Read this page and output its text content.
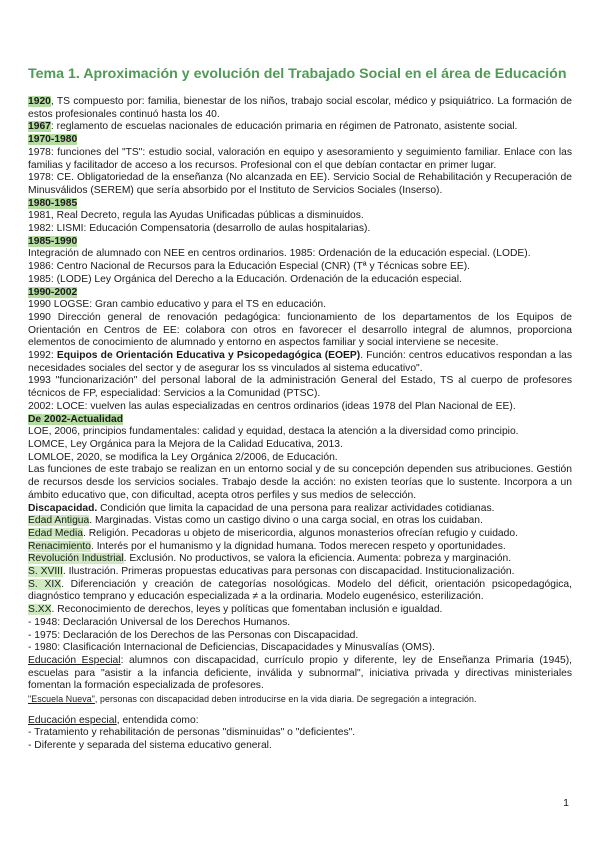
Tema 1. Aproximación y evolución del Trabajado Social en el área de Educación

1920, TS compuesto por: familia, bienestar de los niños, trabajo social escolar, médico y psiquiátrico. La formación de estos profesionales continuó hasta los 40.

1967: reglamento de escuelas nacionales de educación primaria en régimen de Patronato, asistente social.

1970-1980

1978: funciones del "TS": estudio social, valoración en equipo y asesoramiento y seguimiento familiar. Enlace con las familias y facilitador de acceso a los recursos. Profesional con el que debían contactar en primer lugar.

1978: CE. Obligatoriedad de la enseñanza (No alcanzada en EE). Servicio Social de Rehabilitación y Recuperación de Minusválidos (SEREM) que sería absorbido por el Instituto de Servicios Sociales (Inserso).

1980-1985

1981, Real Decreto, regula las Ayudas Unificadas públicas a disminuidos.

1982: LISMI: Educación Compensatoria (desarrollo de aulas hospitalarias).

1985-1990

Integración de alumnado con NEE en centros ordinarios. 1985: Ordenación de la educación especial. (LODE).

1986: Centro Nacional de Recursos para la Educación Especial (CNR) (Tª y Técnicas sobre EE).

1985: (LODE) Ley Orgánica del Derecho a la Educación. Ordenación de la educación especial.

1990-2002

1990 LOGSE: Gran cambio educativo y para el TS en educación.

1990 Dirección general de renovación pedagógica: funcionamiento de los departamentos de los Equipos de Orientación en Centros de EE: colabora con otros en favorecer el desarrollo integral de alumnos, proporciona elementos de conocimiento de alumnado y entorno en aspectos familiar y social interviene se necesite.

1992: Equipos de Orientación Educativa y Psicopedagógica (EOEP). Función: centros educativos respondan a las necesidades sociales del sector y de asegurar los ss vinculados al sistema educativo".

1993 "funcionarización" del personal laboral de la administración General del Estado, TS al cuerpo de profesores técnicos de FP, especialidad: Servicios a la Comunidad (PTSC).

2002: LOCE: vuelven las aulas especializadas en centros ordinarios (ideas 1978 del Plan Nacional de EE).

De 2002-Actualidad

LOE, 2006, principios fundamentales: calidad y equidad, destaca la atención a la diversidad como principio.

LOMCE, Ley Orgánica para la Mejora de la Calidad Educativa, 2013.

LOMLOE, 2020, se modifica la Ley Orgánica 2/2006, de Educación.

Las funciones de este trabajo se realizan en un entorno social y de su concepción dependen sus atribuciones. Gestión de recursos desde los servicios sociales. Trabajo desde la acción: no existen teorías que lo sustente. Incorpora a un ámbito educativo que, con dificultad, acepta otros perfiles y sus medios de selección.

Discapacidad. Condición que limita la capacidad de una persona para realizar actividades cotidianas.

Edad Antigua. Marginadas. Vistas como un castigo divino o una carga social, en otras los cuidaban.

Edad Media. Religión. Pecadoras u objeto de misericordia, algunos monasterios ofrecían refugio y cuidado.

Renacimiento. Interés por el humanismo y la dignidad humana. Todos merecen respeto y oportunidades.

Revolución Industrial. Exclusión. No productivos, se valora la eficiencia. Aumenta: pobreza y marginación.

S. XVIII. Ilustración. Primeras propuestas educativas para personas con discapacidad. Institucionalización.

S. XIX. Diferenciación y creación de categorías nosológicas. Modelo del déficit, orientación psicopedagógica, diagnóstico temprano y educación especializada ≠ a la ordinaria. Modelo eugenésico, esterilización.

S.XX. Reconocimiento de derechos, leyes y políticas que fomentaban inclusión e igualdad.

- 1948: Declaración Universal de los Derechos Humanos.

- 1975: Declaración de los Derechos de las Personas con Discapacidad.

- 1980: Clasificación Internacional de Deficiencias, Discapacidades y Minusvalías (OMS).

Educación Especial: alumnos con discapacidad, currículo propio y diferente, ley de Enseñanza Primaria (1945), escuelas para "asistir a la infancia deficiente, inválida y subnormal", iniciativa privada y directivas ministeriales fomentan la formación especializada de profesores.

"Escuela Nueva", personas con discapacidad deben introducirse en la vida diaria. De segregación a integración.

Educación especial, entendida como:

- Tratamiento y rehabilitación de personas "disminuidas" o "deficientes".

- Diferente y separada del sistema educativo general.

1
